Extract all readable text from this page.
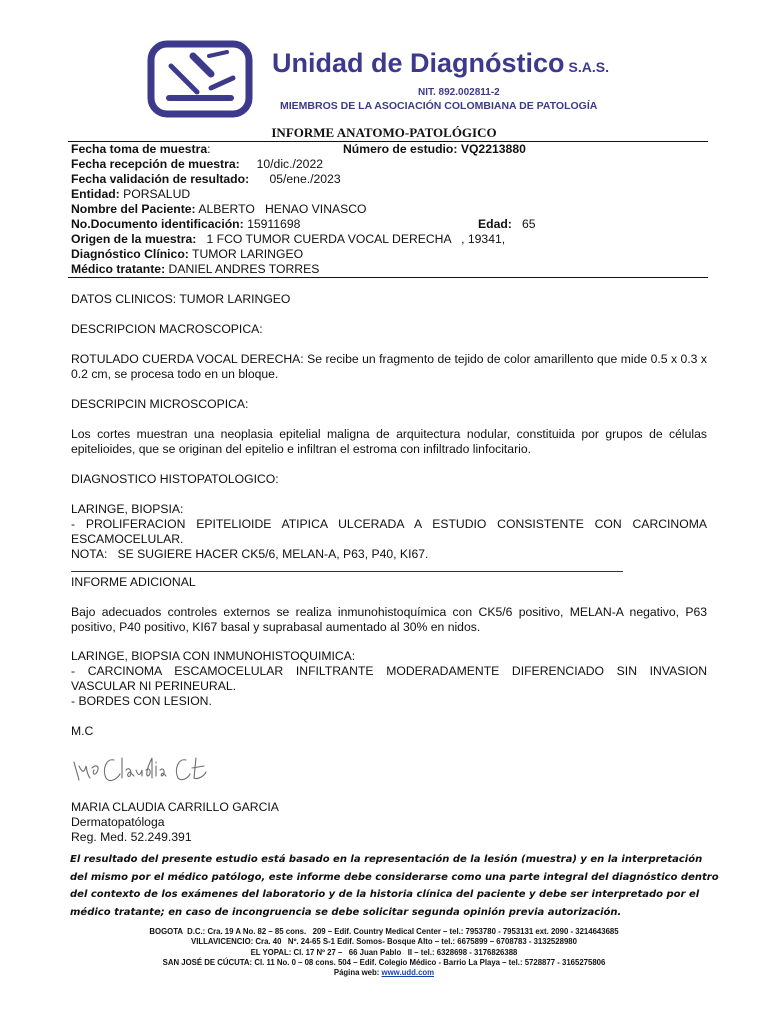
Unidad de Diagnóstico S.A.S.
NIT. 892.002811-2
MIEMBROS DE LA ASOCIACIÓN COLOMBIANA DE PATOLOGÍA
INFORME ANATOMO-PATOLÓGICO
Fecha toma de muestra:	Número de estudio: VQ2213880
Fecha recepción de muestra: 10/dic./2022
Fecha validación de resultado: 05/ene./2023
Entidad: PORSALUD
Nombre del Paciente: ALBERTO   HENAO VINASCO
No.Documento identificación: 15911698	Edad: 65
Origen de la muestra: 1 FCO TUMOR CUERDA VOCAL DERECHA   , 19341,
Diagnóstico Clínico: TUMOR LARINGEO
Médico tratante: DANIEL ANDRES TORRES
DATOS CLINICOS: TUMOR LARINGEO
DESCRIPCION MACROSCOPICA:
ROTULADO CUERDA VOCAL DERECHA: Se recibe un fragmento de tejido de color amarillento que mide 0.5 x 0.3 x 0.2 cm, se procesa todo en un bloque.
DESCRIPCIN MICROSCOPICA:
Los cortes muestran una neoplasia epitelial maligna de arquitectura nodular, constituida por grupos de células epitelioides, que se originan del epitelio e infiltran el estroma con infiltrado linfocitario.
DIAGNOSTICO HISTOPATOLOGICO:
LARINGE, BIOPSIA:
- PROLIFERACION EPITELIOIDE ATIPICA ULCERADA A ESTUDIO CONSISTENTE CON CARCINOMA ESCAMOCELULAR.
NOTA:   SE SUGIERE HACER CK5/6, MELAN-A, P63, P40, KI67.
INFORME ADICIONAL
Bajo adecuados controles externos se realiza inmunohistoquímica con CK5/6 positivo, MELAN-A negativo, P63 positivo, P40 positivo, KI67 basal y suprabasal aumentado al 30% en nidos.
LARINGE, BIOPSIA CON INMUNOHISTOQUIMICA:
- CARCINOMA ESCAMOCELULAR INFILTRANTE MODERADAMENTE DIFERENCIADO SIN INVASION VASCULAR NI PERINEURAL.
- BORDES CON LESION.
M.C
MARIA CLAUDIA CARRILLO GARCIA
Dermatopatóloga
Reg. Med. 52.249.391
El resultado del presente estudio está basado en la representación de la lesión (muestra) y en la interpretación del mismo por el médico patólogo, este informe debe considerarse como una parte integral del diagnóstico dentro del contexto de los exámenes del laboratorio y de la historia clínica del paciente y debe ser interpretado por el médico tratante; en caso de incongruencia se debe solicitar segunda opinión previa autorización.
BOGOTA  D.C.: Cra. 19 A No. 82 – 85 cons.   209 – Edif. Country Medical Center – tel.: 7953780 - 7953131 ext. 2090 - 3214643685
VILLAVICENCIO: Cra. 40   Nº. 24-65 S-1 Edif. Somos- Bosque Alto – tel.: 6675899 – 6708783 - 3132528980
EL YOPAL: Cl. 17 Nº 27 –   66 Juan Pablo   II – tel.: 6328698 - 3176826388
SAN JOSÉ DE CÚCUTA: Cl. 11 No. 0 – 08 cons. 504 – Edif. Colegio Médico - Barrio La Playa – tel.: 5728877 - 3165275806
Página web: www.udd.com
